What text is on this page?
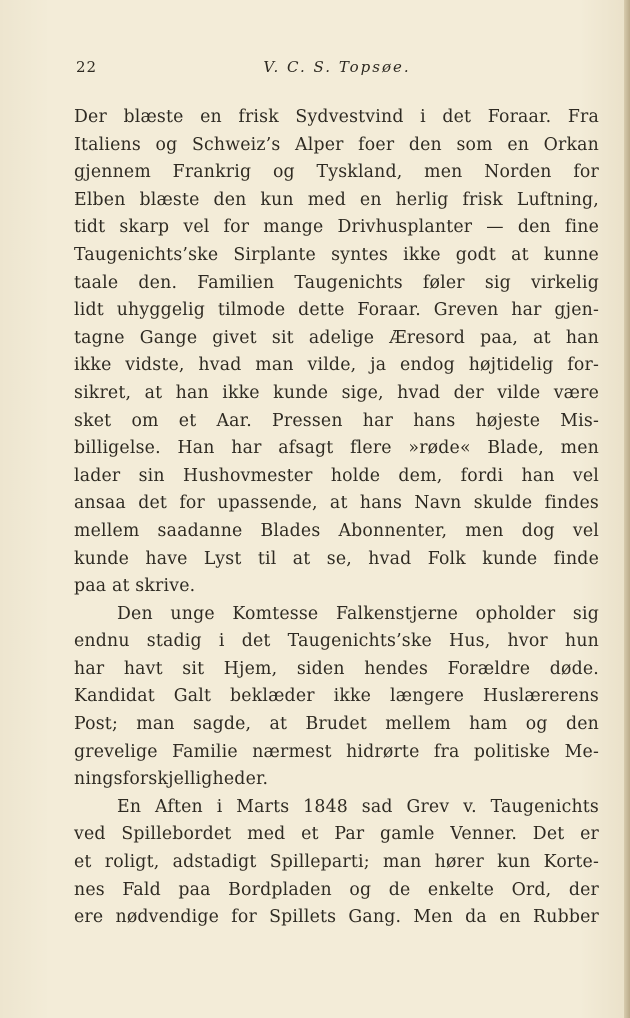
22	V. C. S. Topsøe.
Der blæste en frisk Sydvestvind i det Foraar. Fra
Italiens og Schweiz’s Alper foer den som en Orkan
gjennem Frankrig og Tyskland, men Norden for
Elben blæste den kun med en herlig frisk Luftning,
tidt skarp vel for mange Drivhusplanter — den fine
Taugenichts’ske Sirplante syntes ikke godt at kunne
taale den. Familien Taugenichts føler sig virkelig
lidt uhyggelig tilmode dette Foraar. Greven har gjen-
tagne Gange givet sit adelige Æresord paa, at han
ikke vidste, hvad man vilde, ja endog højtidelig for-
sikret, at han ikke kunde sige, hvad der vilde være
sket om et Aar. Pressen har hans højeste Mis-
billigelse. Han har afsagt flere »røde« Blade, men
lader sin Hushovmester holde dem, fordi han vel
ansaa det for upassende, at hans Navn skulde findes
mellem saadanne Blades Abonnenter, men dog vel
kunde have Lyst til at se, hvad Folk kunde finde
paa at skrive.
Den unge Komtesse Falkenstjerne opholder sig
endnu stadig i det Taugenichts’ske Hus, hvor hun
har havt sit Hjem, siden hendes Forældre døde.
Kandidat Galt beklæder ikke længere Huslærerens
Post; man sagde, at Brudet mellem ham og den
grevelige Familie nærmest hidrørte fra politiske Me-
ningsforskjelligheder.
En Aften i Marts 1848 sad Grev v. Taugenichts
ved Spillebordet med et Par gamle Venner. Det er
et roligt, adstadigt Spilleparti; man hører kun Korte-
nes Fald paa Bordpladen og de enkelte Ord, der
ere nødvendige for Spillets Gang. Men da en Rubber
